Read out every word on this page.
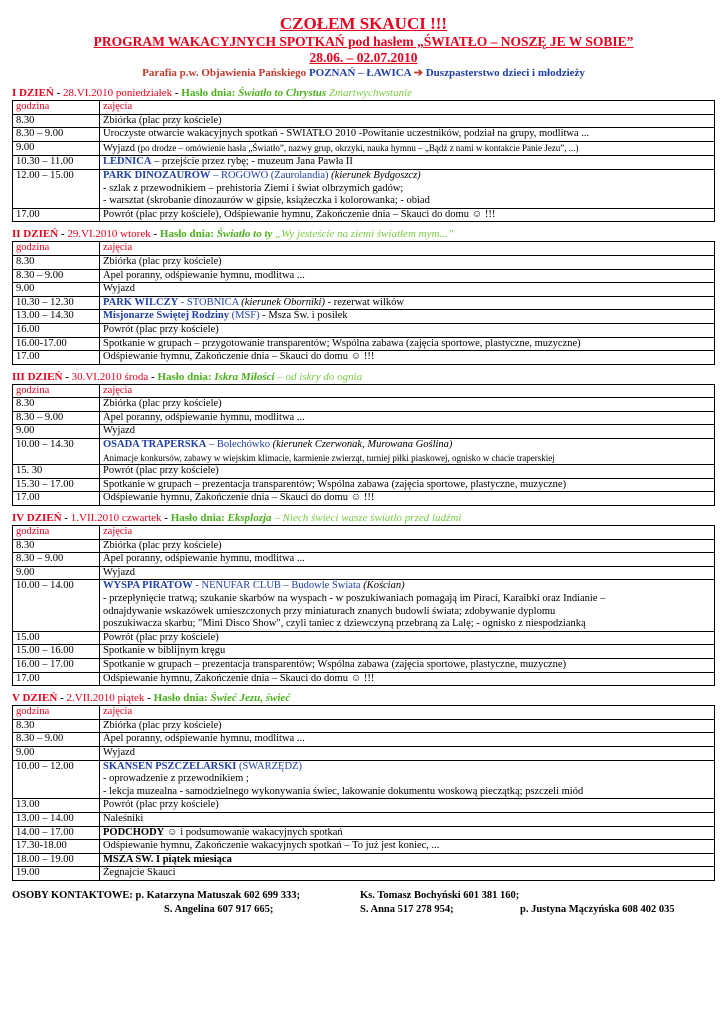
CZOŁEM SKAUCI !!!
PROGRAM WAKACYJNYCH SPOTKAŃ pod hasłem „ŚWIATŁO – NOSZĘ JE W SOBIE”
28.06. – 02.07.2010
Parafia p.w. Objawienia Pańskiego POZNAŃ – ŁAWICA ➔ Duszpasterstwo dzieci i młodzieży
I DZIEŃ - 28.VI.2010 poniedziałek - Hasło dnia: Światło to Chrystus Zmartwychwstanie
godzina	zajęcia
8.30	Zbiórka (plac przy kościele)

8.30 – 9.00	Uroczyste otwarcie wakacyjnych spotkań - ŚWIATŁO 2010 -Powitanie uczestników, podział na grupy, modlitwa ...

9.00	Wyjazd (po drodze – omówienie hasła „Światło”, nazwy grup, okrzyki, nauka hymnu – „Bądź z nami w kontakcie Panie Jezu”, ...)

10.30 – 11.00	LEDNICA – przejście przez rybę; - muzeum Jana Pawła II

12.00 – 15.00	PARK DINOZAURÓW – ROGOWO (Zaurolandia) (kierunek Bydgoszcz)
- szlak z przewodnikiem – prehistoria Ziemi i świat olbrzymich gadów;
- warsztat (skrobanie dinozaurów w gipsie, książeczka i kolorowanka; - obiad

17.00	Powrót (plac przy kościele), Odśpiewanie hymnu, Zakończenie dnia – Skauci do domu ☺ !!!
II DZIEŃ - 29.VI.2010 wtorek - Hasło dnia: Światło to ty „Wy jesteście na ziemi światłem mym...”
godzina	zajęcia
8.30	Zbiórka (plac przy kościele)

8.30 – 9.00	Apel poranny, odśpiewanie hymnu, modlitwa ...

9.00	Wyjazd

10.30 – 12.30	PARK WILCZY - STOBNICA (kierunek Oborniki) - rezerwat wilków

13.00 – 14.30	Misjonarze Świętej Rodziny (MSF) - Msza Św. i posiłek

16.00	Powrót (plac przy kościele)

16.00-17.00	Spotkanie w grupach – przygotowanie transparentów; Wspólna zabawa (zajęcia sportowe, plastyczne, muzyczne)

17.00	Odśpiewanie hymnu, Zakończenie dnia – Skauci do domu ☺ !!!
III DZIEŃ - 30.VI.2010 środa - Hasło dnia: Iskra Miłości – od iskry do ognia
godzina	zajęcia
8.30	Zbiórka (plac przy kościele)

8.30 – 9.00	Apel poranny, odśpiewanie hymnu, modlitwa ...

9.00	Wyjazd

10.00 – 14.30	OSADA TRAPERSKA – Bolechówko (kierunek Czerwonak, Murowana Goślina)
Animacje konkursów, zabawy w wiejskim klimacie, karmienie zwierząt, turniej piłki piaskowej, ognisko w chacie traperskiej

15. 30	Powrót (plac przy kościele)

15.30 – 17.00	Spotkanie w grupach – prezentacja transparentów; Wspólna zabawa (zajęcia sportowe, plastyczne, muzyczne)

17.00	Odśpiewanie hymnu, Zakończenie dnia – Skauci do domu ☺ !!!
IV DZIEŃ - 1.VII.2010 czwartek - Hasło dnia: Eksplozja – Niech świeci wasze światło przed ludźmi
godzina	zajęcia
8.30	Zbiórka (plac przy kościele)

8.30 – 9.00	Apel poranny, odśpiewanie hymnu, modlitwa ...

9.00	Wyjazd

10.00 – 14.00	WYSPA PIRATÓW - NENUFAR CLUB – Budowle Świata (Kościan)
- przepłynięcie tratwą; szukanie skarbów na wyspach - w poszukiwaniach pomagają im Piraci, Karaibki oraz Indianie –
odnajdywanie wskazówek umieszczonych przy miniaturach znanych budowli świata; zdobywanie dyplomu
poszukiwacza skarbu; "Mini Disco Show", czyli taniec z dziewczyną przebraną za Lalę; - ognisko z niespodzianką

15.00	Powrót (plac przy kościele)

15.00 – 16.00	Spotkanie w biblijnym kręgu

16.00 – 17.00	Spotkanie w grupach – prezentacja transparentów; Wspólna zabawa (zajęcia sportowe, plastyczne, muzyczne)

17.00	Odśpiewanie hymnu, Zakończenie dnia – Skauci do domu ☺ !!!
V DZIEŃ - 2.VII.2010 piątek - Hasło dnia: Świeć Jezu, świeć
godzina	zajęcia
8.30	Zbiórka (plac przy kościele)

8.30 – 9.00	Apel poranny, odśpiewanie hymnu, modlitwa ...

9.00	Wyjazd

10.00 – 12.00	SKANSEN PSZCZELARSKI (SWARZĘDZ)
- oprowadzenie z przewodnikiem ;
- lekcja muzealna - samodzielnego wykonywania świec, lakowanie dokumentu woskową pieczątką; pszczeli miód

13.00	Powrót (plac przy kościele)

13.00 – 14.00	Naleśniki

14.00 – 17.00	PODCHODY ☺ i podsumowanie wakacyjnych spotkań

17.30-18.00	Odśpiewanie hymnu, Zakończenie wakacyjnych spotkań – To już jest koniec, ...

18.00 – 19.00	MSZA ŚW. I piątek miesiąca

19.00	Żegnajcie Skauci
OSOBY KONTAKTOWE: p. Katarzyna Matuszak 602 699 333;	Ks. Tomasz Bochyński 601 381 160;
S. Angelina 607 917 665;	S. Anna 517 278 954;	p. Justyna Mączyńska 608 402 035
